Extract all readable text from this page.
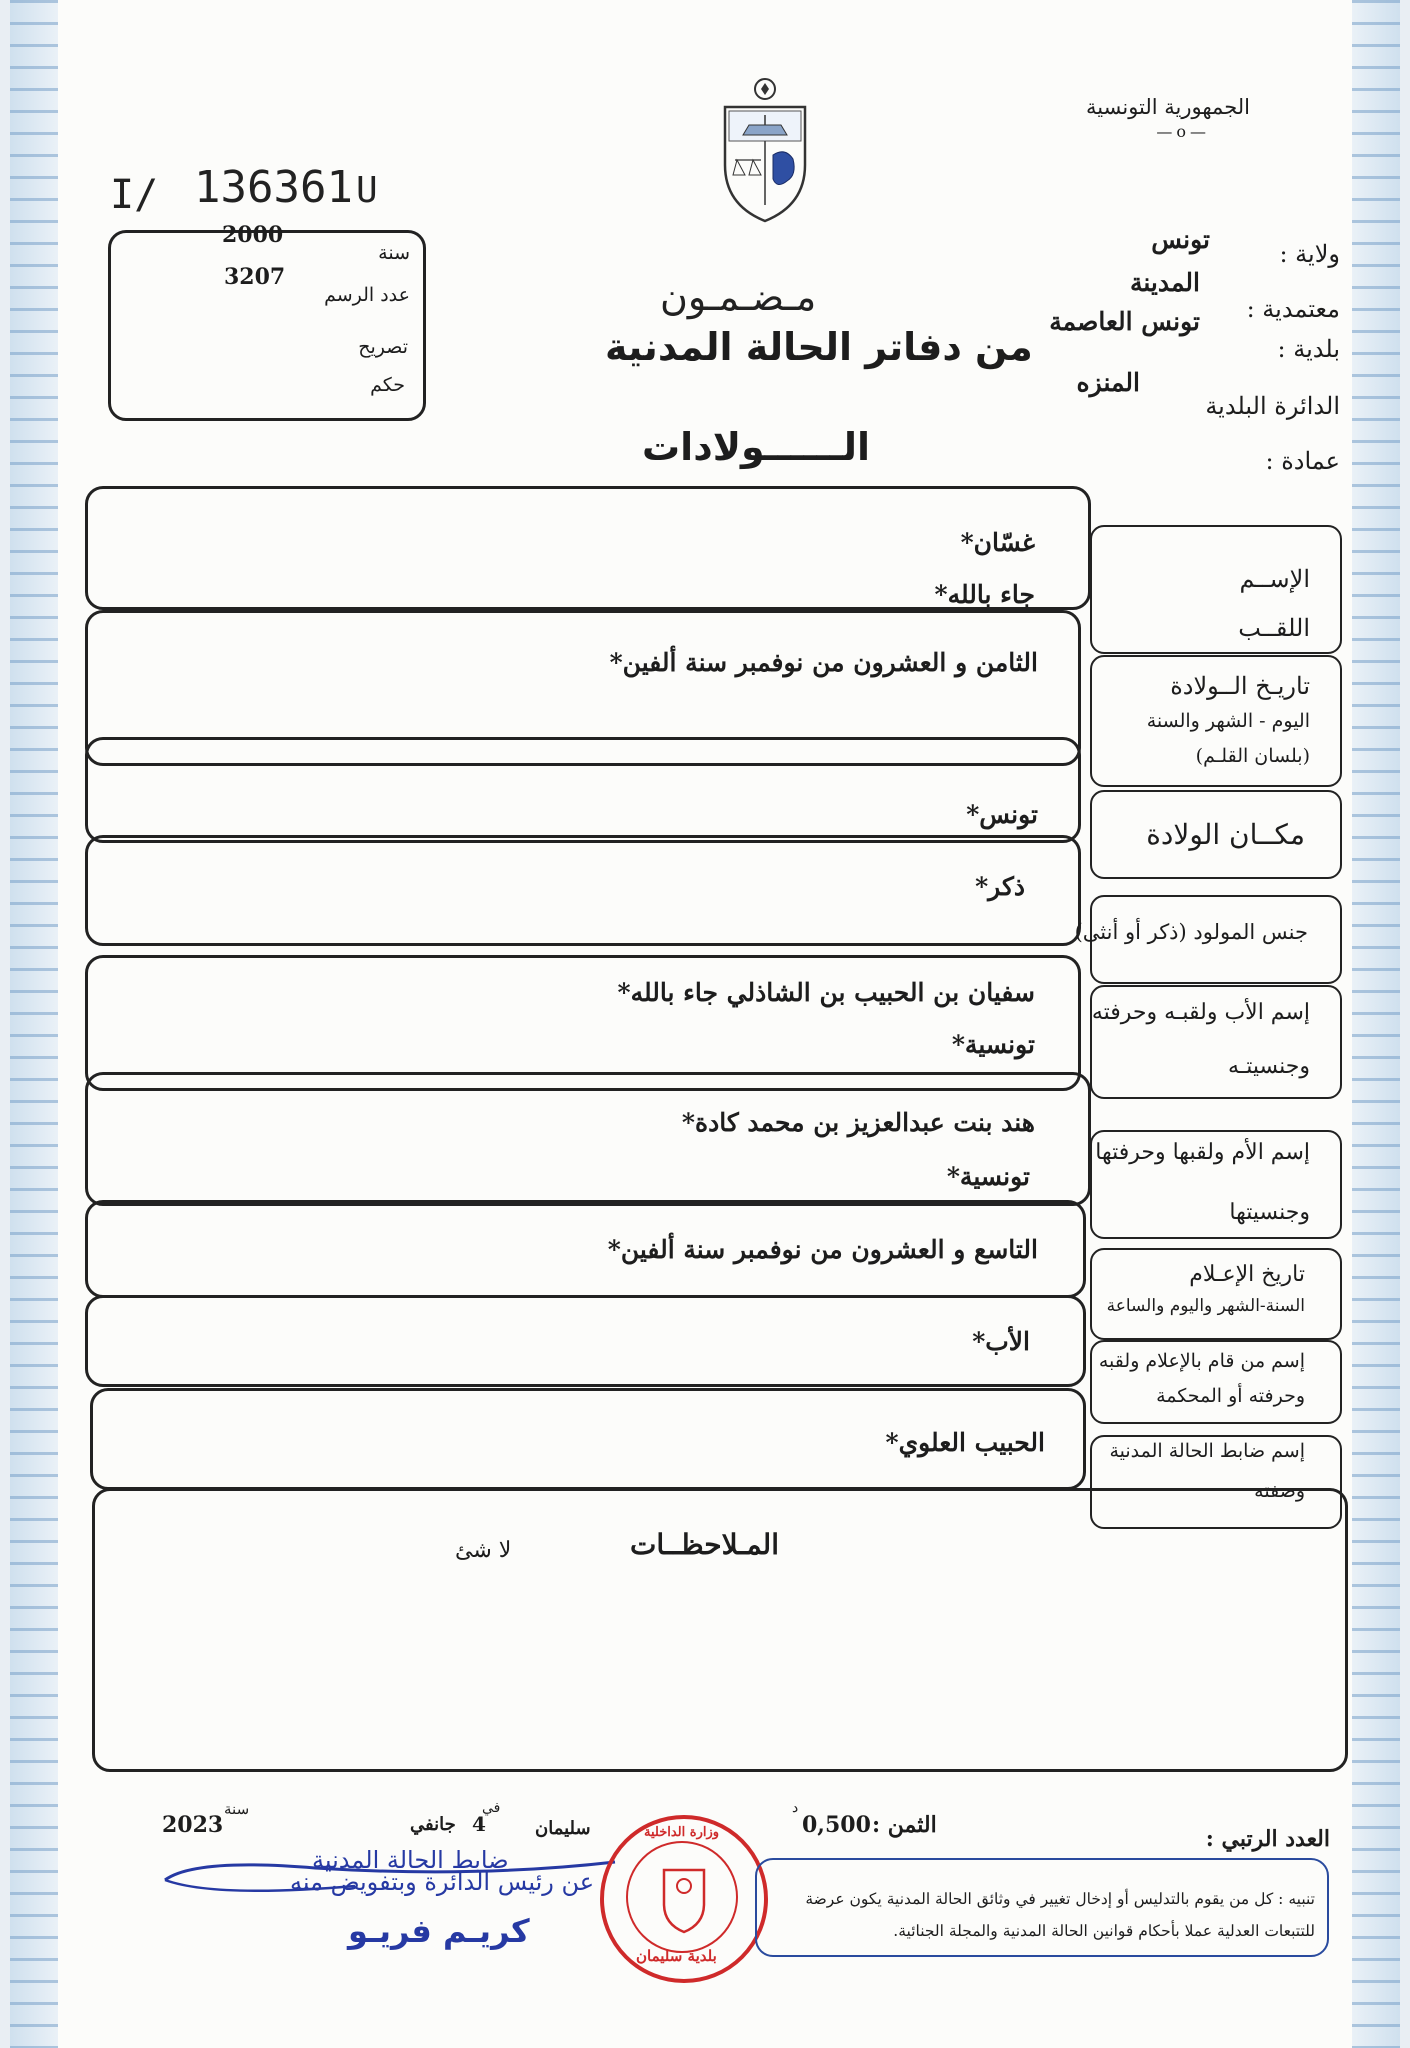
الجمهورية التونسية
—o—
I/ 136361 U
2000
سنة
3207
عدد الرسم
تصريح
حكم
ولاية :
تونس
معتمدية :
المدينة
بلدية :
تونس العاصمة
الدائرة البلدية
المنزه
عمادة :
مـضـمـون
من دفاتر الحالة المدنية
الــــــولادات
الإســم
اللقــب
غسّان*
جاء بالله*
تاريـخ الــولادة
اليوم - الشهر والسنة
(بلسان القلـم)
الثامن و العشرون من نوفمبر سنة ألفين*
مكــان الولادة
تونس*
جنس المولود (ذكر أو أنثى)
ذكر*
إسم الأب ولقبـه وحرفته
وجنسيتـه
سفيان بن الحبيب بن الشاذلي جاء بالله*
تونسية*
إسم الأم ولقبها وحرفتها
وجنسيتها
هند بنت عبدالعزيز بن محمد كادة*
تونسية*
تاريخ الإعـلام
السنة-الشهر واليوم والساعة
التاسع و العشرون من نوفمبر سنة ألفين*
إسم من قام بالإعلام ولقبه
وحرفته أو المحكمة
الأب*
إسم ضابط الحالة المدنية
وصفته
الحبيب العلوي*
المـلاحظــات
لا شئ
العدد الرتبي :
الثمن :
0,500
د
سليمان
في
4
جانفي
سنة
2023
ضابط الحالة المدنية
عن رئيس الدائرة وبتفويض منه
كريـم فريـو
وزارة الداخلية
بلدية سليمان
تنبيه : كل من يقوم بالتدليس أو إدخال تغيير في وثائق الحالة المدنية يكون عرضة
للتتبعات العدلية عملا بأحكام قوانين الحالة المدنية والمجلة الجنائية.
